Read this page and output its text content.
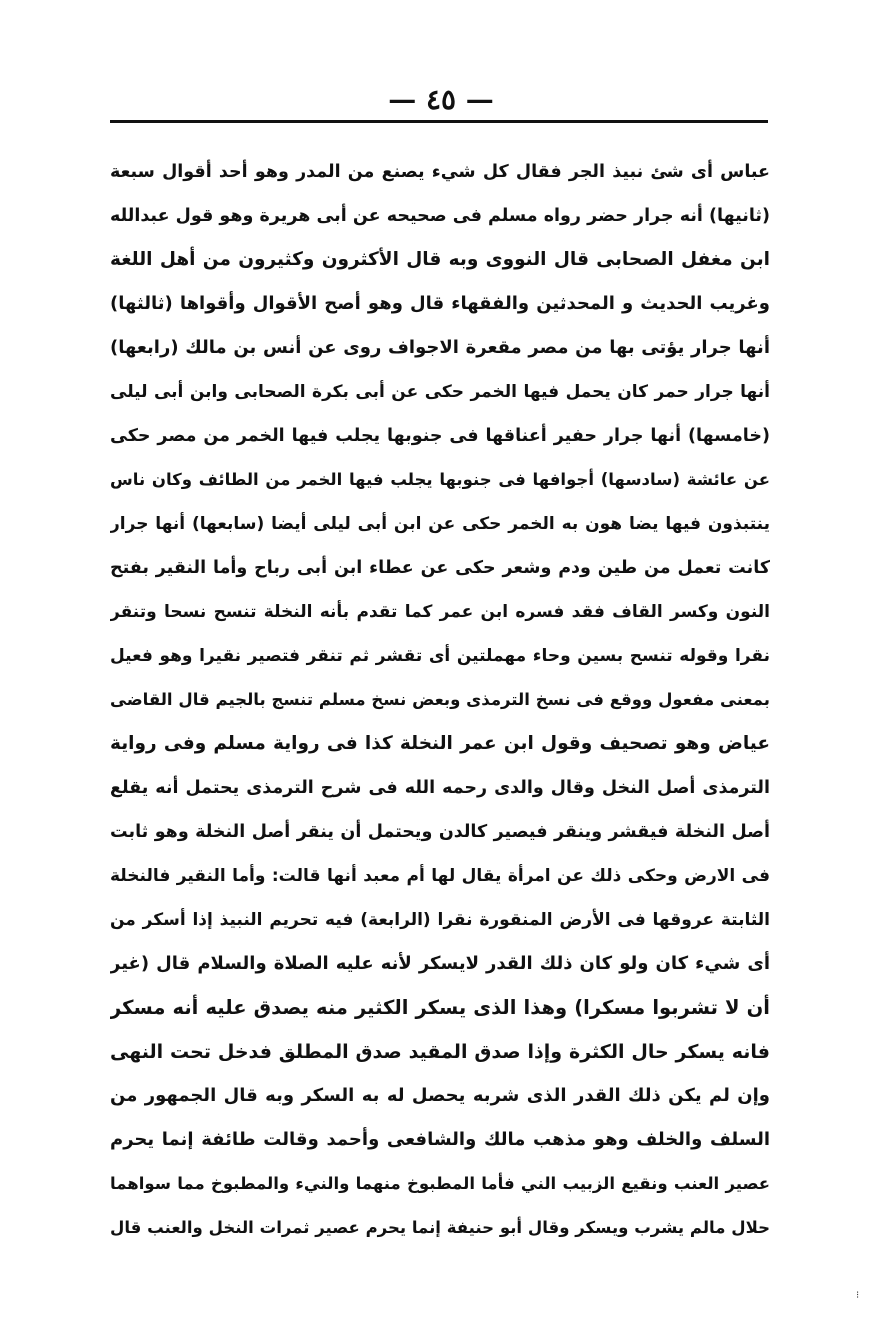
— ٤٥ —
عباس أى شئ نبيذ الجر فقال كل شيء يصنع من المدر وهو أحد أقوال سبعة
(ثانيها) أنه جرار حضر رواه مسلم فى صحيحه عن أبى هريرة وهو قول عبدالله
ابن مغفل الصحابى قال النووى وبه قال الأكثرون وكثيرون من أهل اللغة
وغريب الحديث و المحدثين والفقهاء قال وهو أصح الأقوال وأقواها (ثالثها)
أنها جرار يؤتى بها من مصر مقعرة الاجواف روى عن أنس بن مالك (رابعها)
أنها جرار حمر كان يحمل فيها الخمر حكى عن أبى بكرة الصحابى وابن أبى ليلى
(خامسها) أنها جرار حفير أعناقها فى جنوبها يجلب فيها الخمر من مصر حكى
عن عائشة (سادسها) أجوافها فى جنوبها يجلب فيها الخمر من الطائف وكان ناس
ينتبذون فيها يضا هون به الخمر حكى عن ابن أبى ليلى أيضا (سابعها) أنها جرار
كانت تعمل من طين ودم وشعر حكى عن عطاء ابن أبى رباح وأما النقير بفتح
النون وكسر القاف فقد فسره ابن عمر كما تقدم بأنه النخلة تنسح نسحا وتنقر
نقرا وقوله تنسح بسين وحاء مهملتين أى تقشر ثم تنقر فتصير نقيرا وهو فعيل
بمعنى مفعول ووقع فى نسخ الترمذى وبعض نسخ مسلم تنسج بالجيم قال القاضى
عياض وهو تصحيف وقول ابن عمر النخلة كذا فى رواية مسلم وفى رواية
الترمذى أصل النخل وقال والدى رحمه الله فى شرح الترمذى يحتمل أنه يقلع
أصل النخلة فيقشر وينقر فيصير كالدن ويحتمل أن ينقر أصل النخلة وهو ثابت
فى الارض وحكى ذلك عن امرأة يقال لها أم معبد أنها قالت: وأما النقير فالنخلة
الثابتة عروقها فى الأرض المنقورة نقرا (الرابعة) فيه تحريم النبيذ إذا أسكر من
أى شيء كان ولو كان ذلك القدر لايسكر لأنه عليه الصلاة والسلام قال (غير
أن لا تشربوا مسكرا) وهذا الذى يسكر الكثير منه يصدق عليه أنه مسكر
فانه يسكر حال الكثرة وإذا صدق المقيد صدق المطلق فدخل تحت النهى
وإن لم يكن ذلك القدر الذى شربه يحصل له به السكر وبه قال الجمهور من
السلف والخلف وهو مذهب مالك والشافعى وأحمد وقالت طائفة إنما يحرم
عصير العنب ونقيع الزبيب الني فأما المطبوخ منهما والنيء والمطبوخ مما سواهما
حلال مالم يشرب ويسكر وقال أبو حنيفة إنما يحرم عصير ثمرات النخل والعنب قال
⁝
